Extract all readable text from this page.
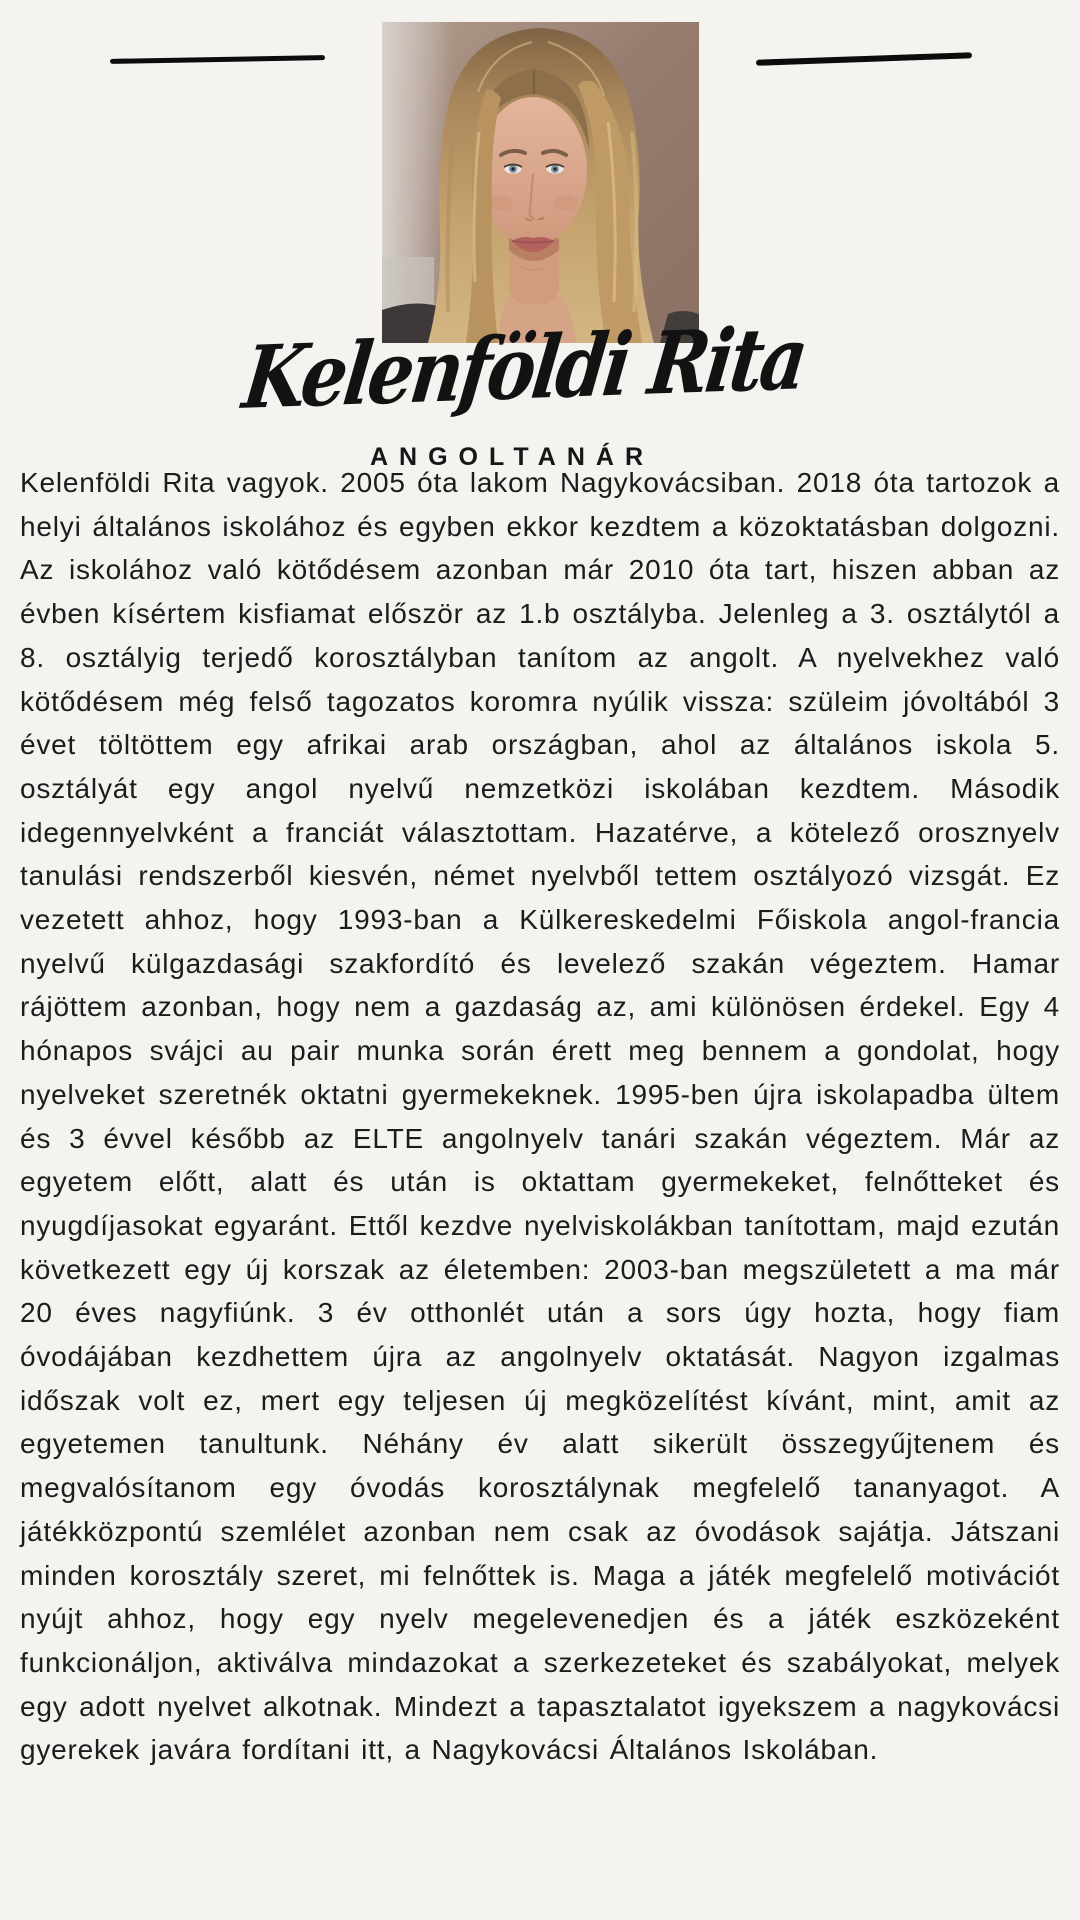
Kelenföldi Rita
ANGOLTANÁR

Kelenföldi Rita vagyok. 2005 óta lakom Nagykovácsiban. 2018 óta tartozok a helyi általános iskolához és egyben ekkor kezdtem a közoktatásban dolgozni. Az iskolához való kötődésem azonban már 2010 óta tart, hiszen abban az évben kísértem kisfiamat először az 1.b osztályba. Jelenleg a 3. osztálytól a 8. osztályig terjedő korosztályban tanítom az angolt. A nyelvekhez való kötődésem még felső tagozatos koromra nyúlik vissza: szüleim jóvoltából 3 évet töltöttem egy afrikai arab országban, ahol az általános iskola 5. osztályát egy angol nyelvű nemzetközi iskolában kezdtem. Második idegennyelvként a franciát választottam. Hazatérve, a kötelező orosznyelv tanulási rendszerből kiesvén, német nyelvből tettem osztályozó vizsgát. Ez vezetett ahhoz, hogy 1993-ban a Külkereskedelmi Főiskola angol-francia nyelvű külgazdasági szakfordító és levelező szakán végeztem. Hamar rájöttem azonban, hogy nem a gazdaság az, ami különösen érdekel. Egy 4 hónapos svájci au pair munka során érett meg bennem a gondolat, hogy nyelveket szeretnék oktatni gyermekeknek. 1995-ben újra iskolapadba ültem és 3 évvel később az ELTE angolnyelv tanári szakán végeztem. Már az egyetem előtt, alatt és után is oktattam gyermekeket, felnőtteket és nyugdíjasokat egyaránt. Ettől kezdve nyelviskolákban tanítottam, majd ezután következett egy új korszak az életemben: 2003-ban megszületett a ma már 20 éves nagyfiúnk. 3 év otthonlét után a sors úgy hozta, hogy fiam óvodájában kezdhettem újra az angolnyelv oktatását. Nagyon izgalmas időszak volt ez, mert egy teljesen új megközelítést kívánt, mint, amit az egyetemen tanultunk. Néhány év alatt sikerült összegyűjtenem és megvalósítanom egy óvodás korosztálynak megfelelő tananyagot. A játékközpontú szemlélet azonban nem csak az óvodások sajátja. Játszani minden korosztály szeret, mi felnőttek is. Maga a játék megfelelő motivációt nyújt ahhoz, hogy egy nyelv megelevenedjen és a játék eszközeként funkcionáljon, aktiválva mindazokat a szerkezeteket és szabályokat, melyek egy adott nyelvet alkotnak. Mindezt a tapasztalatot igyekszem a nagykovácsi gyerekek javára fordítani itt, a Nagykovácsi Általános Iskolában.
